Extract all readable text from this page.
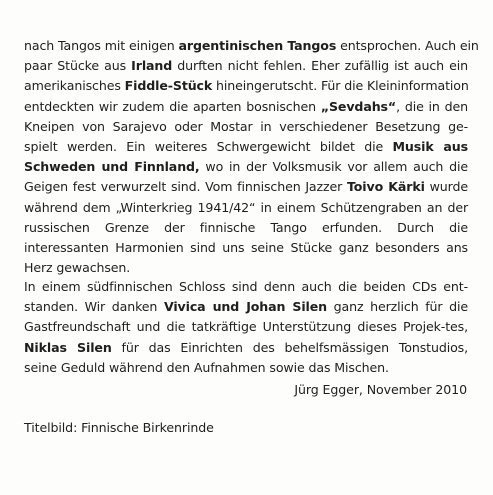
nach Tangos mit einigen argentinischen Tangos entsprochen. Auch ein
paar Stücke aus Irland durften nicht fehlen. Eher zufällig ist auch ein
amerikanisches Fiddle-Stück hineingerutscht. Für die Kleininformation
entdeckten wir zudem die aparten bosnischen „Sevdahs“, die in den
Kneipen von Sarajevo oder Mostar in verschiedener Besetzung ge-
spielt werden. Ein weiteres Schwergewicht bildet die Musik aus
Schweden und Finnland, wo in der Volksmusik vor allem auch die
Geigen fest verwurzelt sind. Vom finnischen Jazzer Toivo Kärki wurde
während dem „Winterkrieg 1941/42“ in einem Schützengraben an der
russischen Grenze der finnische Tango erfunden. Durch die
interessanten Harmonien sind uns seine Stücke ganz besonders ans
Herz gewachsen.
In einem südfinnischen Schloss sind denn auch die beiden CDs ent-
standen. Wir danken Vivica und Johan Silen ganz herzlich für die
Gastfreundschaft und die tatkräftige Unterstützung dieses Projek-tes,
Niklas Silen für das Einrichten des behelfsmässigen Tonstudios,
seine Geduld während den Aufnahmen sowie das Mischen.
Jürg Egger, November 2010
Titelbild: Finnische Birkenrinde
